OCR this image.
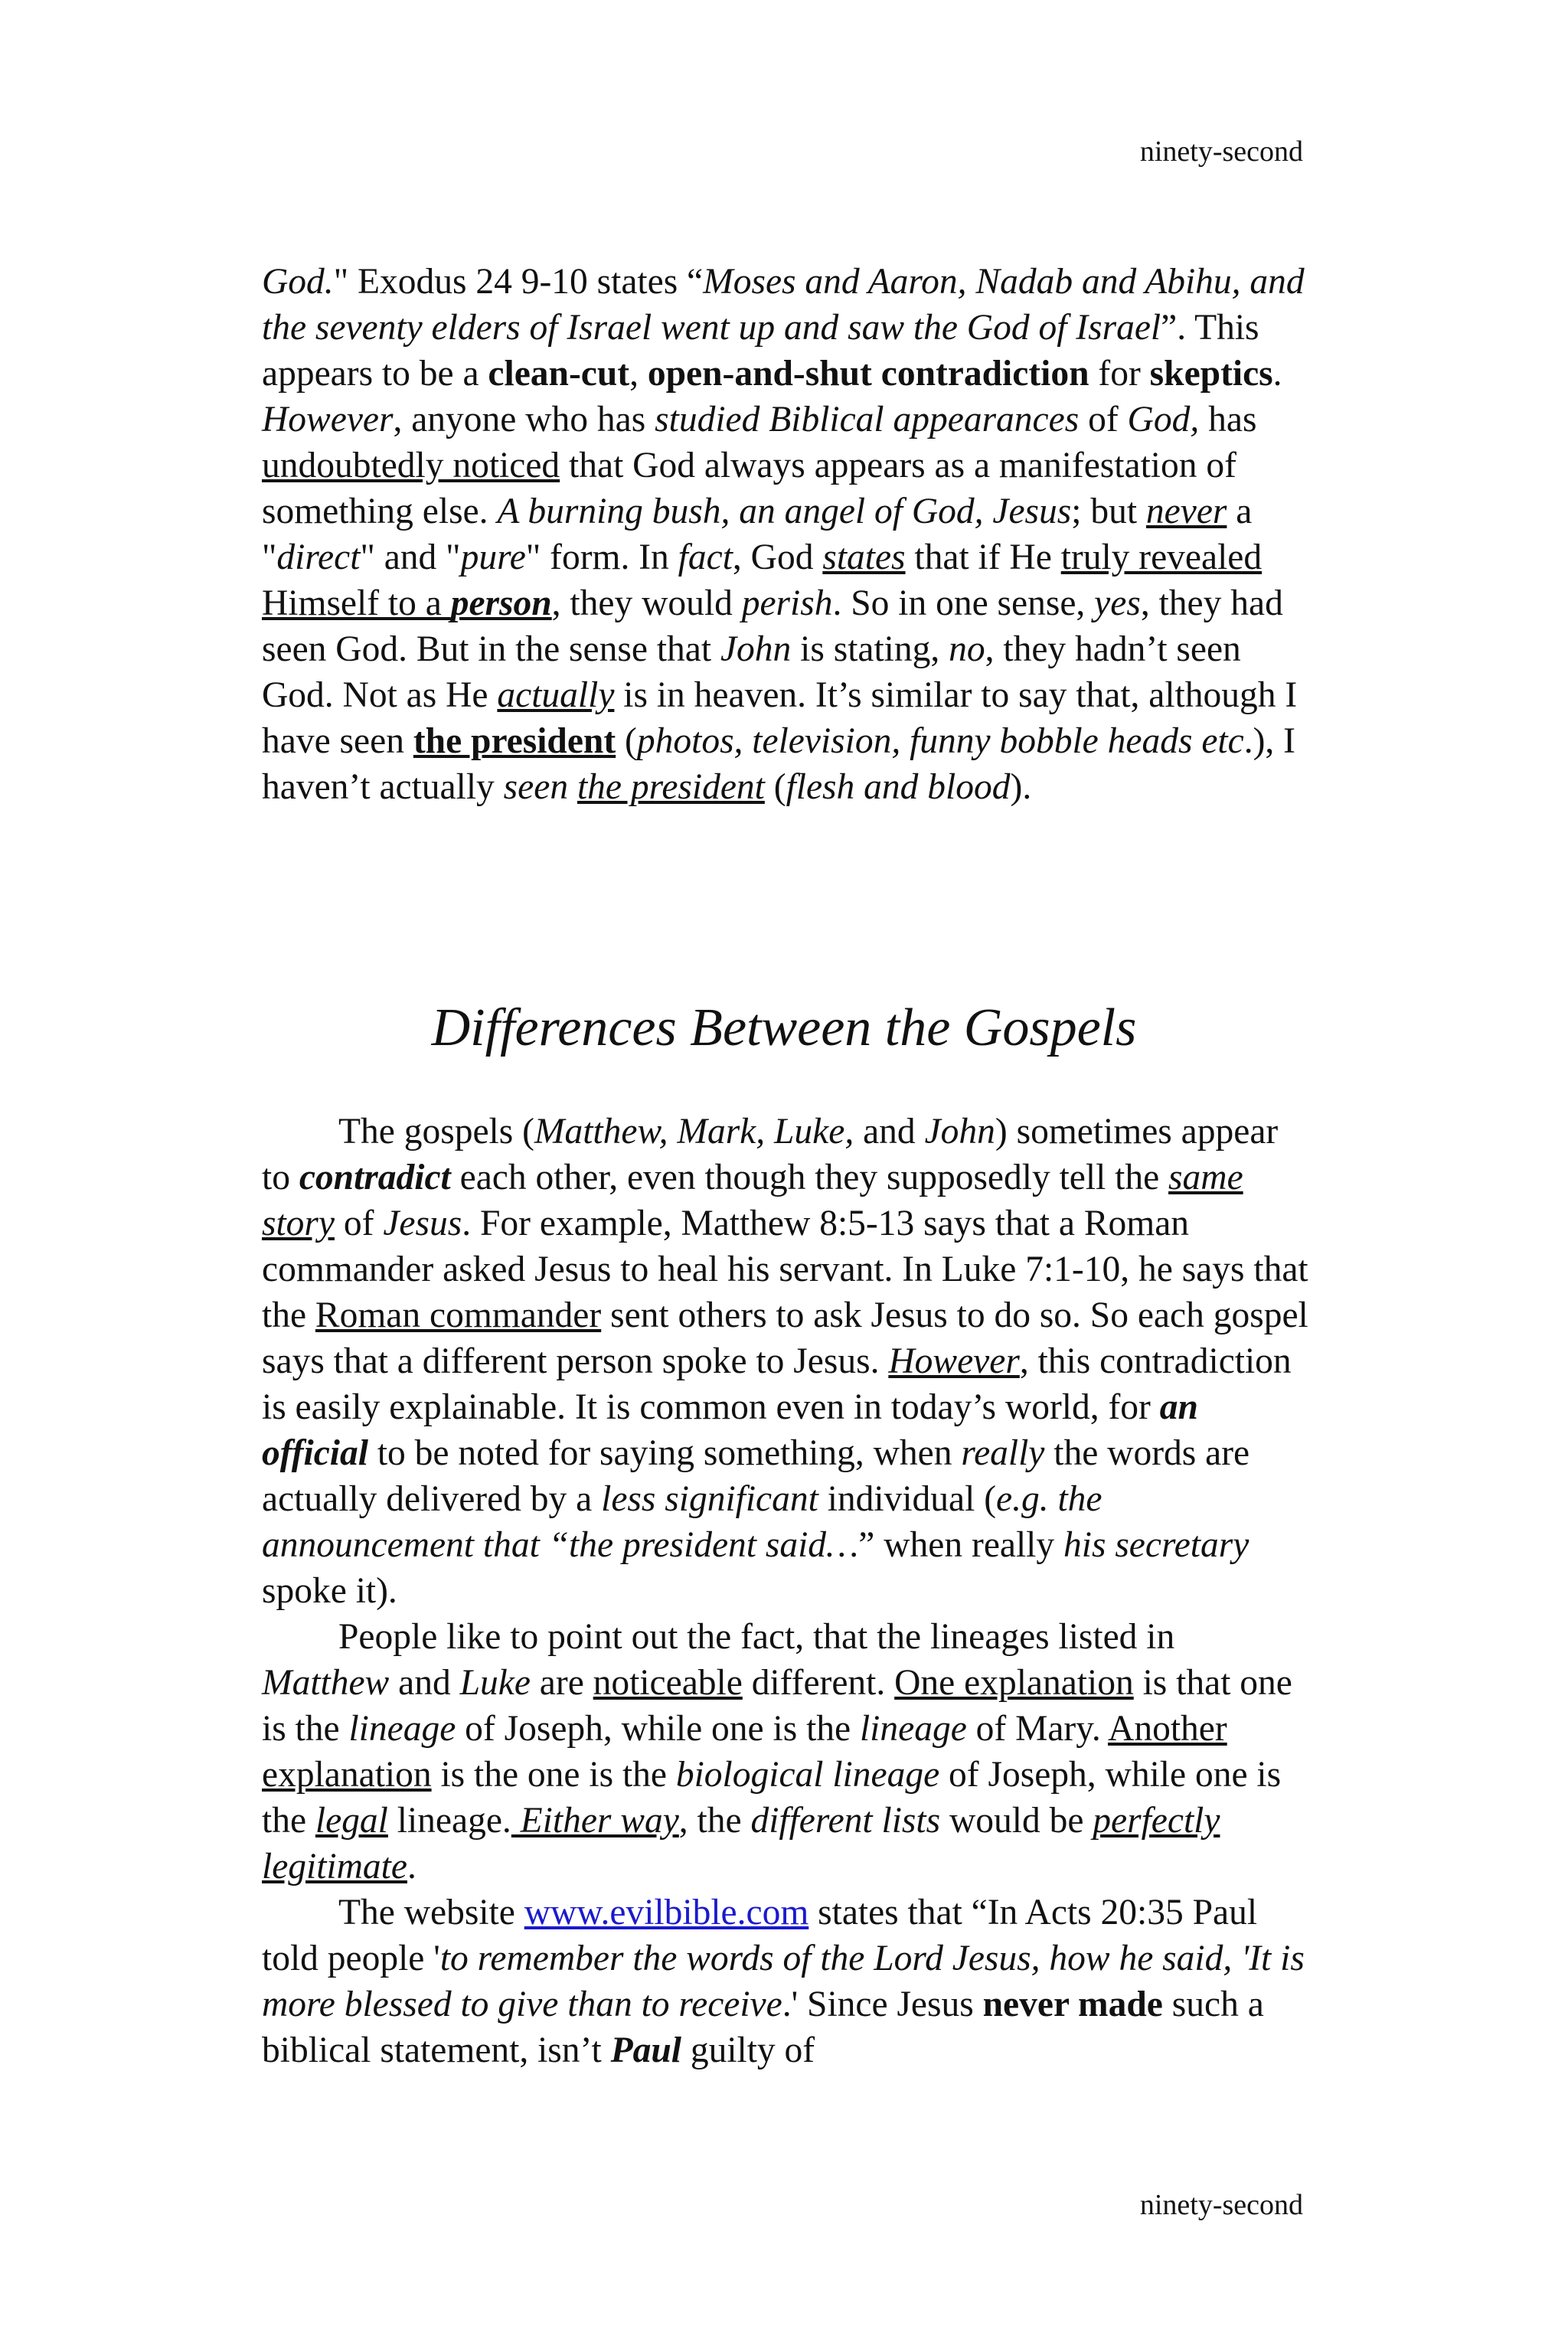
ninety-second

God." Exodus 24 9-10 states “Moses and Aaron, Nadab and Abihu, and the seventy elders of Israel went up and saw the God of Israel”. This appears to be a clean-cut, open-and-shut contradiction for skeptics. However, anyone who has studied Biblical appearances of God, has undoubtedly noticed that God always appears as a manifestation of something else. A burning bush, an angel of God, Jesus; but never a "direct" and "pure" form. In fact, God states that if He truly revealed Himself to a person, they would perish. So in one sense, yes, they had seen God. But in the sense that John is stating, no, they hadn’t seen God. Not as He actually is in heaven. It’s similar to say that, although I have seen the president (photos, television, funny bobble heads etc.), I haven’t actually seen the president (flesh and blood).

Differences Between the Gospels

The gospels (Matthew, Mark, Luke, and John) sometimes appear to contradict each other, even though they supposedly tell the same story of Jesus. For example, Matthew 8:5-13 says that a Roman commander asked Jesus to heal his servant. In Luke 7:1-10, he says that the Roman commander sent others to ask Jesus to do so. So each gospel says that a different person spoke to Jesus. However, this contradiction is easily explainable. It is common even in today’s world, for an official to be noted for saying something, when really the words are actually delivered by a less significant individual (e.g. the announcement that “the president said…” when really his secretary spoke it).

People like to point out the fact, that the lineages listed in Matthew and Luke are noticeable different. One explanation is that one is the lineage of Joseph, while one is the lineage of Mary. Another explanation is the one is the biological lineage of Joseph, while one is the legal lineage. Either way, the different lists would be perfectly legitimate.

The website www.evilbible.com states that “In Acts 20:35 Paul told people 'to remember the words of the Lord Jesus, how he said, 'It is more blessed to give than to receive.' Since Jesus never made such a biblical statement, isn’t Paul guilty of

ninety-second
